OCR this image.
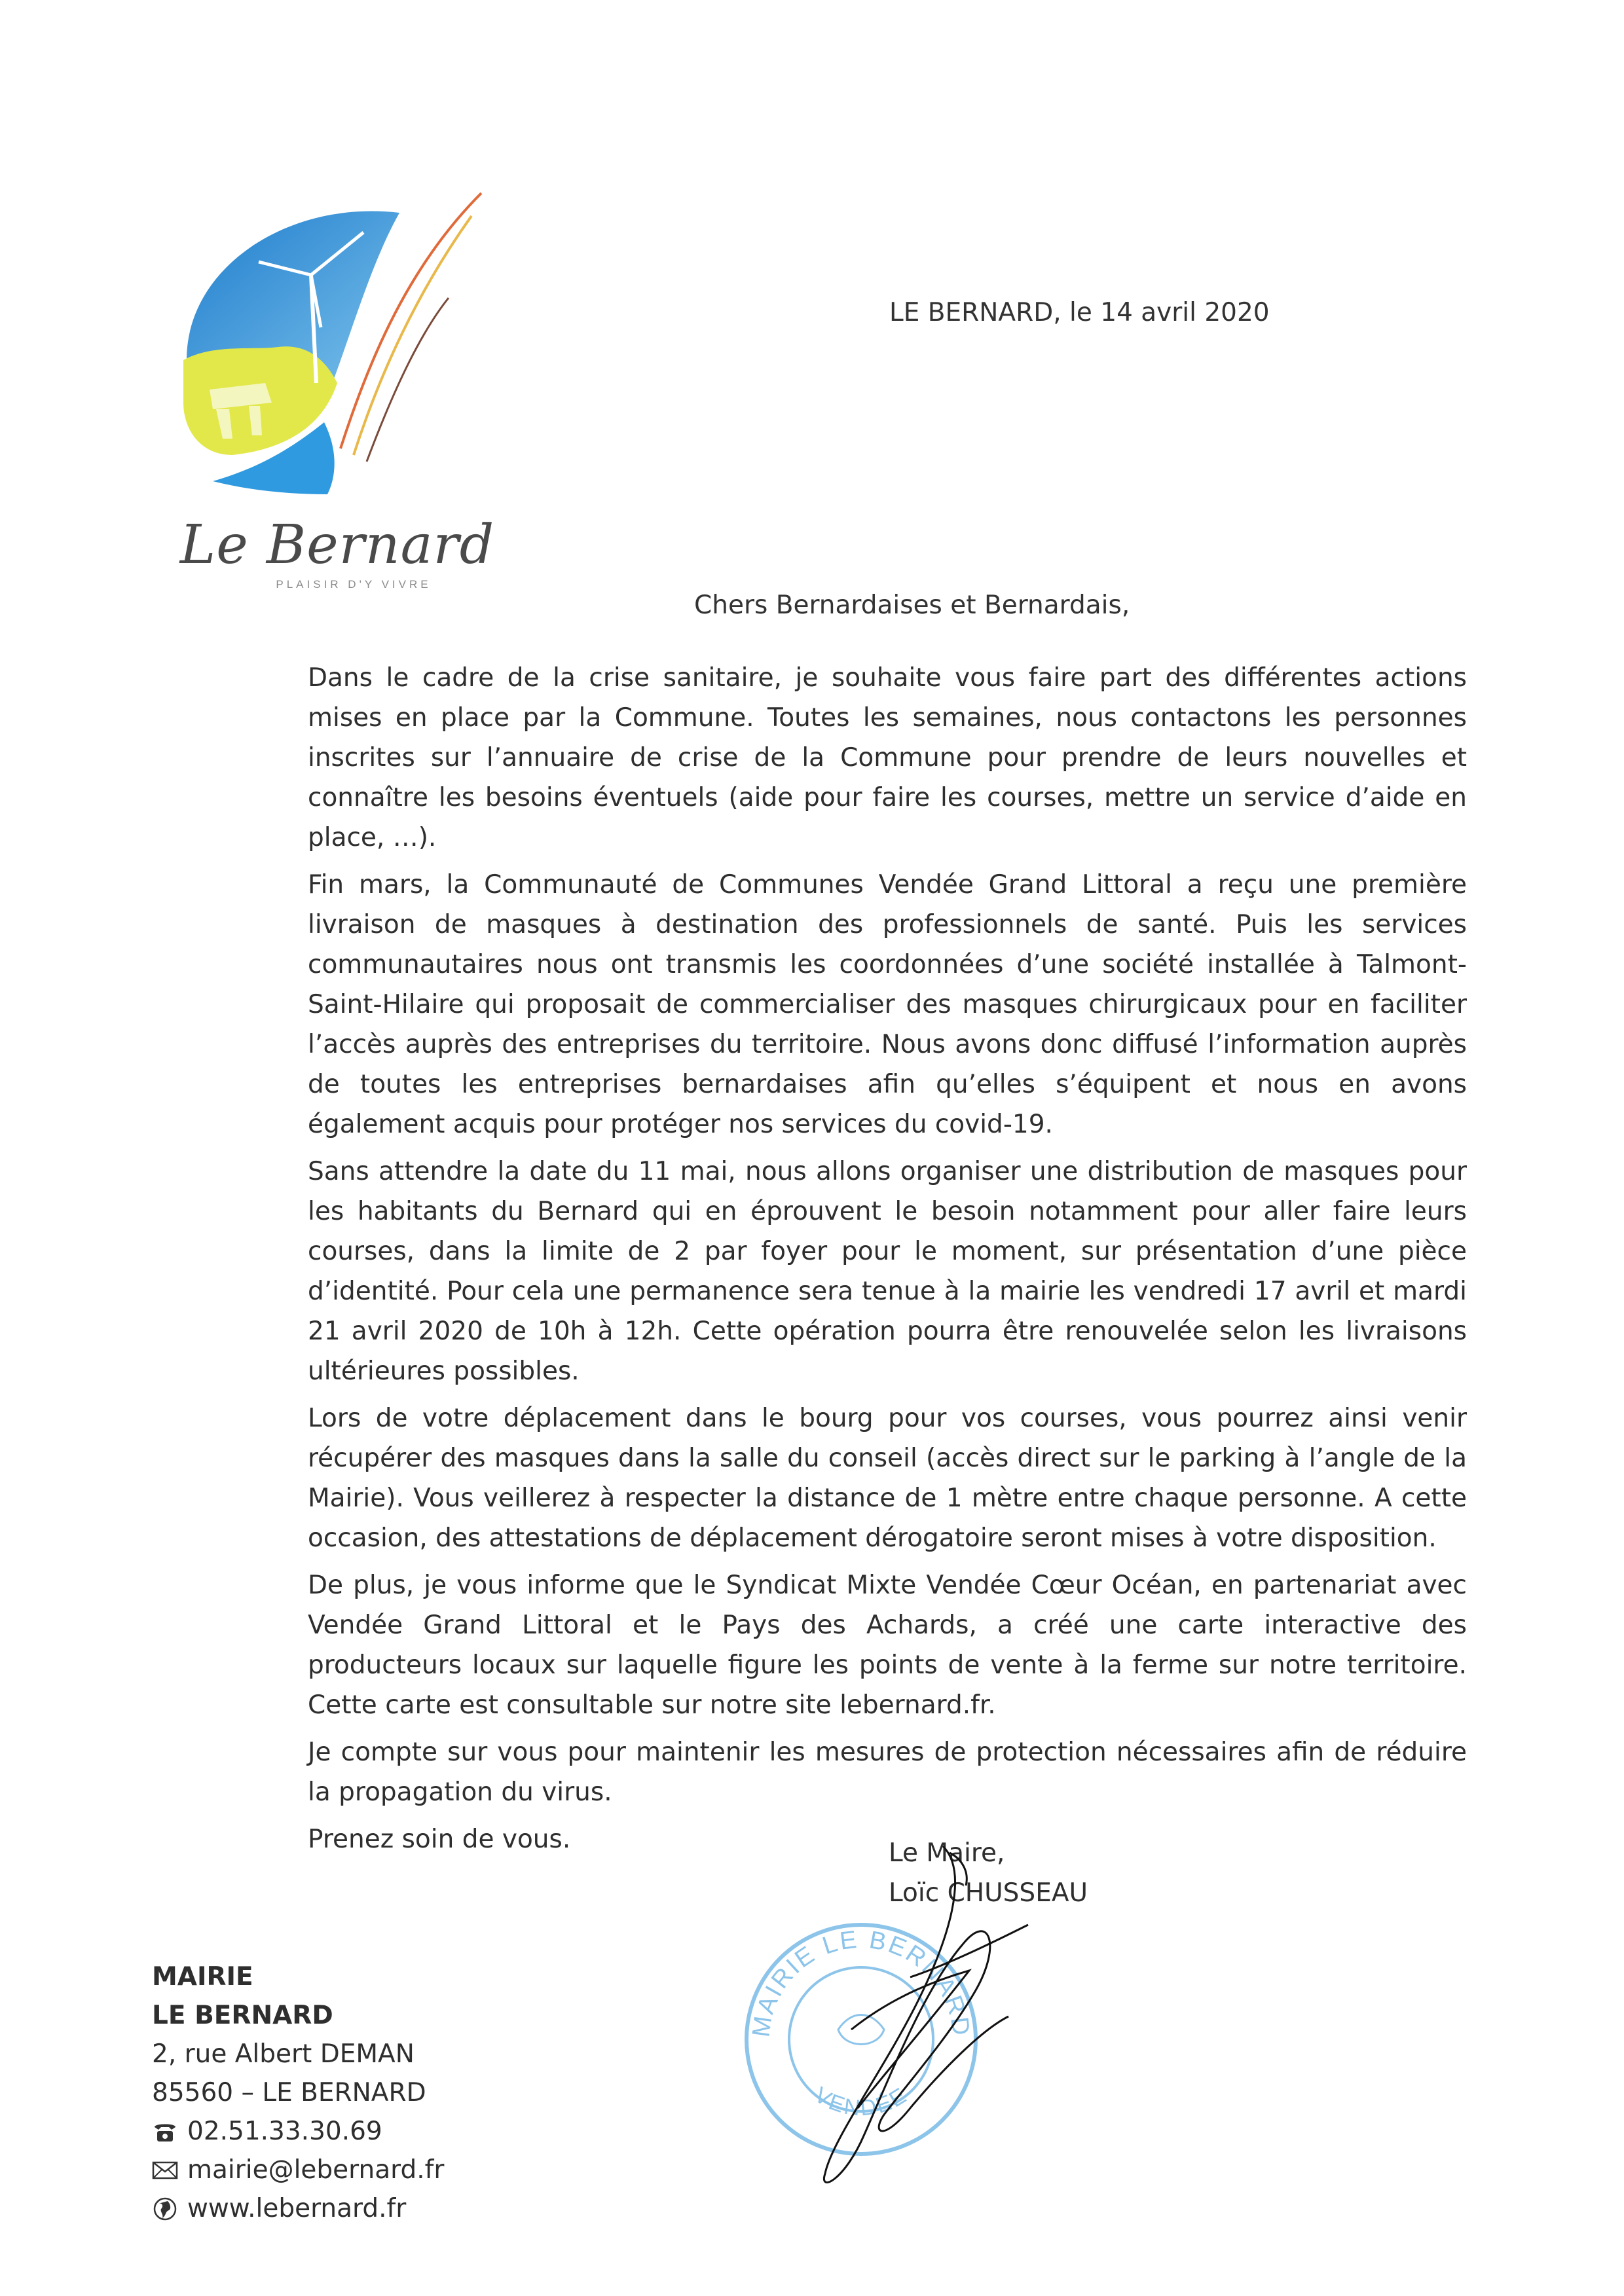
Le Bernard
PLAISIR D'Y VIVRE
LE BERNARD, le 14 avril 2020
Chers Bernardaises et Bernardais,

Dans le cadre de la crise sanitaire, je souhaite vous faire part des différentes actions mises en place par la Commune. Toutes les semaines, nous contactons les personnes inscrites sur l’annuaire de crise de la Commune pour prendre de leurs nouvelles et connaître les besoins éventuels (aide pour faire les courses, mettre un service d’aide en place, …).

Fin mars, la Communauté de Communes Vendée Grand Littoral a reçu une première livraison de masques à destination des professionnels de santé. Puis les services communautaires nous ont transmis les coordonnées d’une société installée à Talmont-Saint-Hilaire qui proposait de commercialiser des masques chirurgicaux pour en faciliter l’accès auprès des entreprises du territoire. Nous avons donc diffusé l’information auprès de toutes les entreprises bernardaises afin qu’elles s’équipent et nous en avons également acquis pour protéger nos services du covid-19.

Sans attendre la date du 11 mai, nous allons organiser une distribution de masques pour les habitants du Bernard qui en éprouvent le besoin notamment pour aller faire leurs courses, dans la limite de 2 par foyer pour le moment, sur présentation d’une pièce d’identité. Pour cela une permanence sera tenue à la mairie les vendredi 17 avril et mardi 21 avril 2020 de 10h à 12h. Cette opération pourra être renouvelée selon les livraisons ultérieures possibles.

Lors de votre déplacement dans le bourg pour vos courses, vous pourrez ainsi venir récupérer des masques dans la salle du conseil (accès direct sur le parking à l’angle de la Mairie). Vous veillerez à respecter la distance de 1 mètre entre chaque personne. A cette occasion, des attestations de déplacement dérogatoire seront mises à votre disposition.

De plus, je vous informe que le Syndicat Mixte Vendée Cœur Océan, en partenariat avec Vendée Grand Littoral et le Pays des Achards, a créé une carte interactive des producteurs locaux sur laquelle figure les points de vente à la ferme sur notre territoire. Cette carte est consultable sur notre site lebernard.fr.

Je compte sur vous pour maintenir les mesures de protection nécessaires afin de réduire la propagation du virus.

Prenez soin de vous.

MAIRIE LE BERNARD
VENDÉE
Le Maire,
Loïc CHUSSEAU
MAIRIE
LE BERNARD
2, rue Albert DEMAN
85560 – LE BERNARD
02.51.33.30.69
mairie@lebernard.fr
www.lebernard.fr
